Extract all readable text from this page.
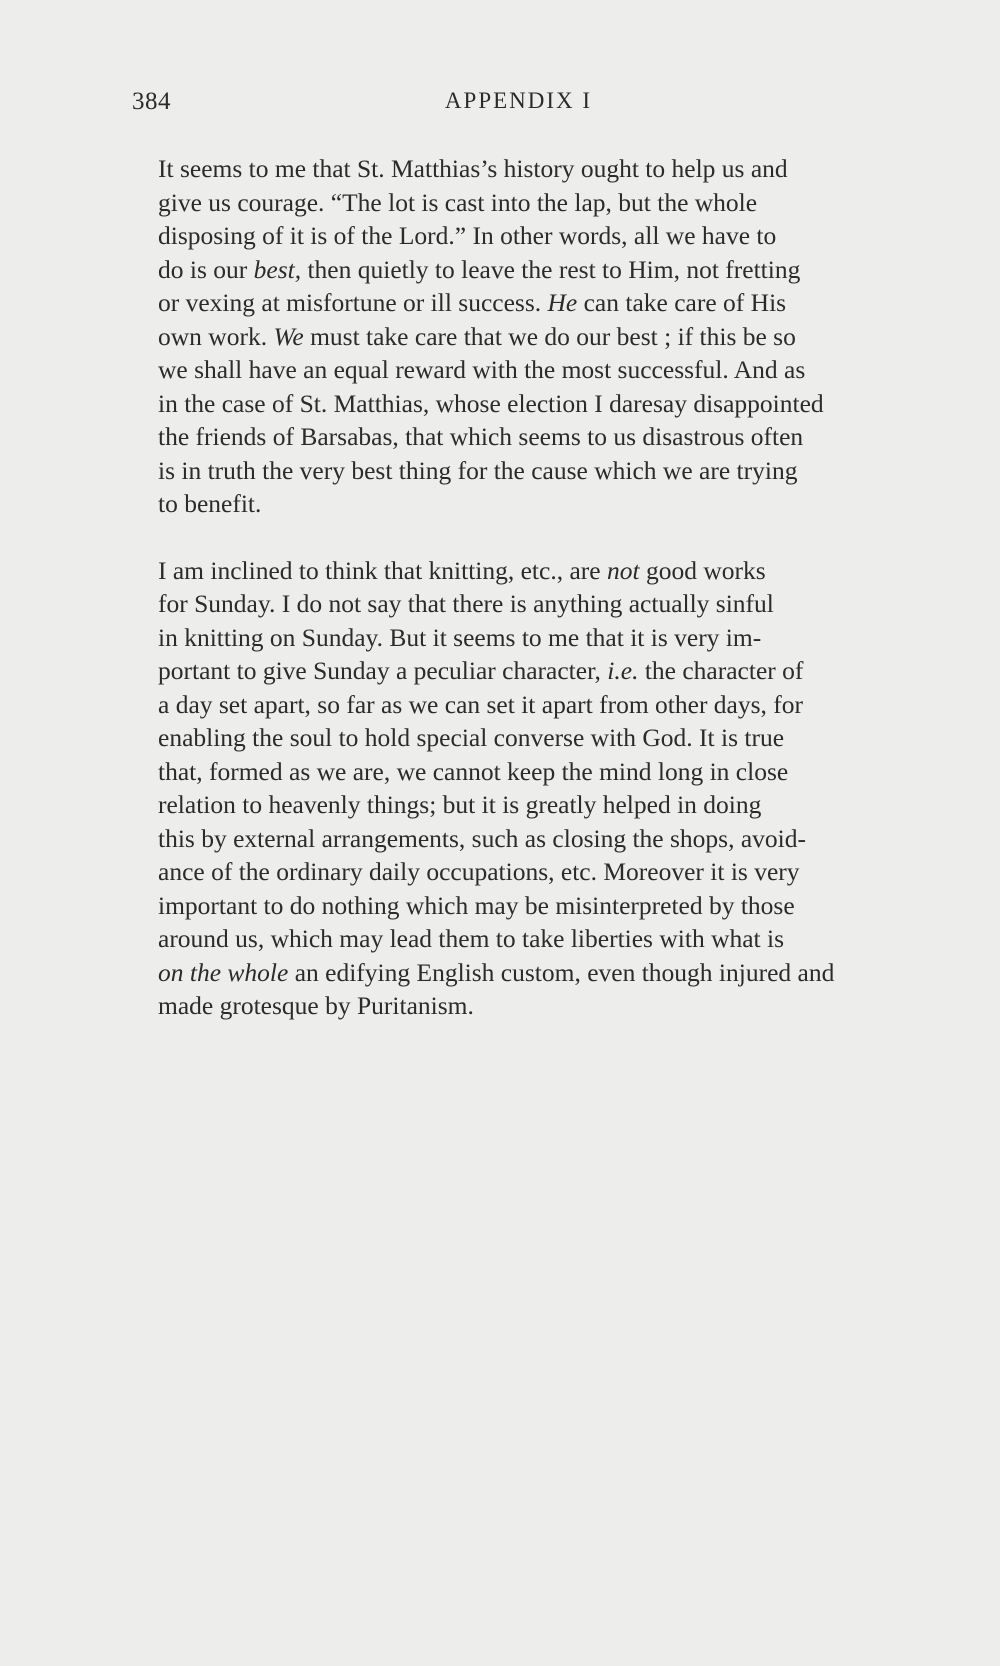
384	APPENDIX I

It seems to me that St. Matthias’s history ought to help us and
give us courage. “The lot is cast into the lap, but the whole
disposing of it is of the Lord.” In other words, all we have to
do is our best, then quietly to leave the rest to Him, not fretting
or vexing at misfortune or ill success. He can take care of His
own work. We must take care that we do our best ; if this be so
we shall have an equal reward with the most successful. And as
in the case of St. Matthias, whose election I daresay disappointed
the friends of Barsabas, that which seems to us disastrous often
is in truth the very best thing for the cause which we are trying
to benefit.

I am inclined to think that knitting, etc., are not good works
for Sunday. I do not say that there is anything actually sinful
in knitting on Sunday. But it seems to me that it is very im-
portant to give Sunday a peculiar character, i.e. the character of
a day set apart, so far as we can set it apart from other days, for
enabling the soul to hold special converse with God. It is true
that, formed as we are, we cannot keep the mind long in close
relation to heavenly things; but it is greatly helped in doing
this by external arrangements, such as closing the shops, avoid-
ance of the ordinary daily occupations, etc. Moreover it is very
important to do nothing which may be misinterpreted by those
around us, which may lead them to take liberties with what is
on the whole an edifying English custom, even though injured and
made grotesque by Puritanism.
